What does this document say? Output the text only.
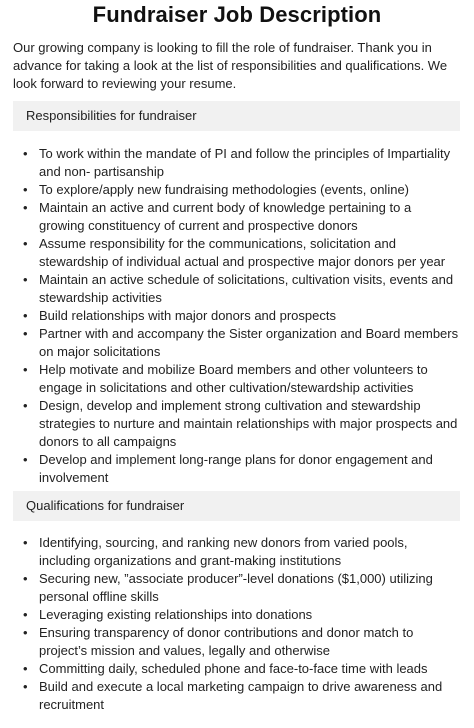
Fundraiser Job Description

Our growing company is looking to fill the role of fundraiser. Thank you in advance for taking a look at the list of responsibilities and qualifications. We look forward to reviewing your resume.

Responsibilities for fundraiser
• To work within the mandate of PI and follow the principles of Impartiality and non- partisanship
• To explore/apply new fundraising methodologies (events, online)
• Maintain an active and current body of knowledge pertaining to a growing constituency of current and prospective donors
• Assume responsibility for the communications, solicitation and stewardship of individual actual and prospective major donors per year
• Maintain an active schedule of solicitations, cultivation visits, events and stewardship activities
• Build relationships with major donors and prospects
• Partner with and accompany the Sister organization and Board members on major solicitations
• Help motivate and mobilize Board members and other volunteers to engage in solicitations and other cultivation/stewardship activities
• Design, develop and implement strong cultivation and stewardship strategies to nurture and maintain relationships with major prospects and donors to all campaigns
• Develop and implement long-range plans for donor engagement and involvement
Qualifications for fundraiser
• Identifying, sourcing, and ranking new donors from varied pools, including organizations and grant-making institutions
• Securing new, ”associate producer”-level donations ($1,000) utilizing personal offline skills
• Leveraging existing relationships into donations
• Ensuring transparency of donor contributions and donor match to project’s mission and values, legally and otherwise
• Committing daily, scheduled phone and face-to-face time with leads
• Build and execute a local marketing campaign to drive awareness and recruitment
